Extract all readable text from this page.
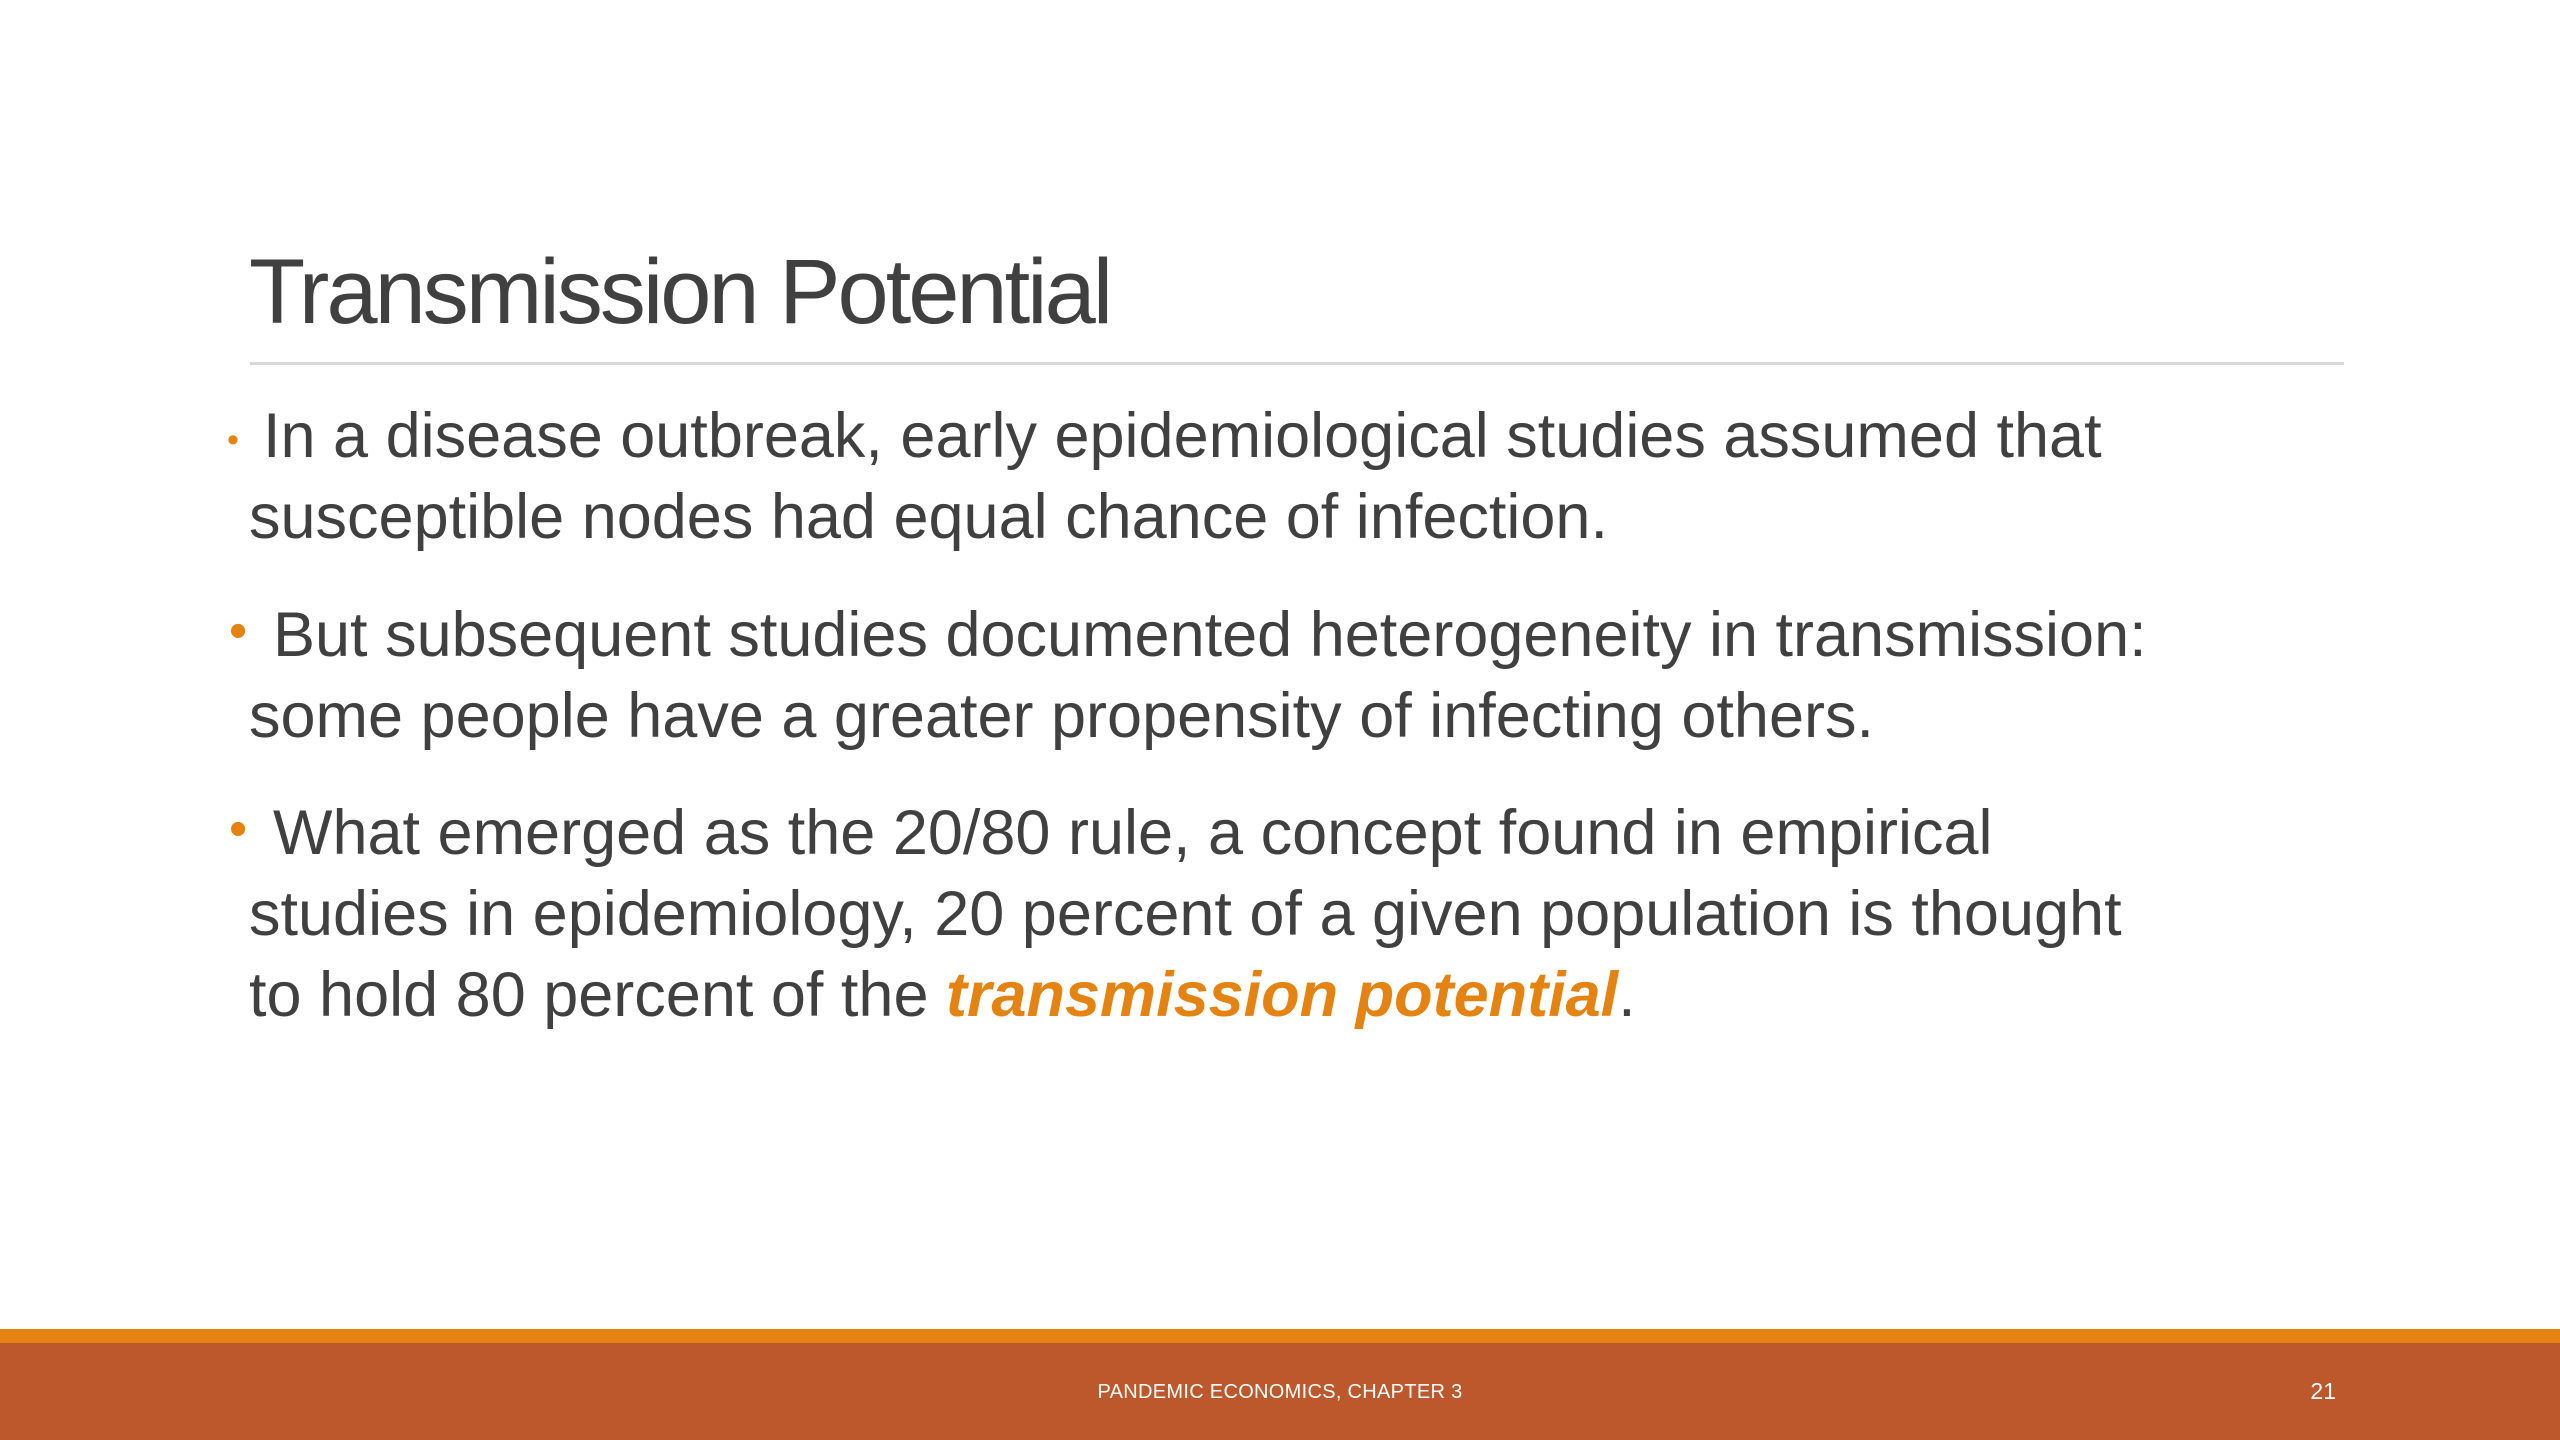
Transmission Potential
• In a disease outbreak, early epidemiological studies assumed that
susceptible nodes had equal chance of infection.
• But subsequent studies documented heterogeneity in transmission:
some people have a greater propensity of infecting others.
• What emerged as the 20/80 rule, a concept found in empirical
studies in epidemiology, 20 percent of a given population is thought
to hold 80 percent of the transmission potential.
PANDEMIC ECONOMICS, CHAPTER 3	21
